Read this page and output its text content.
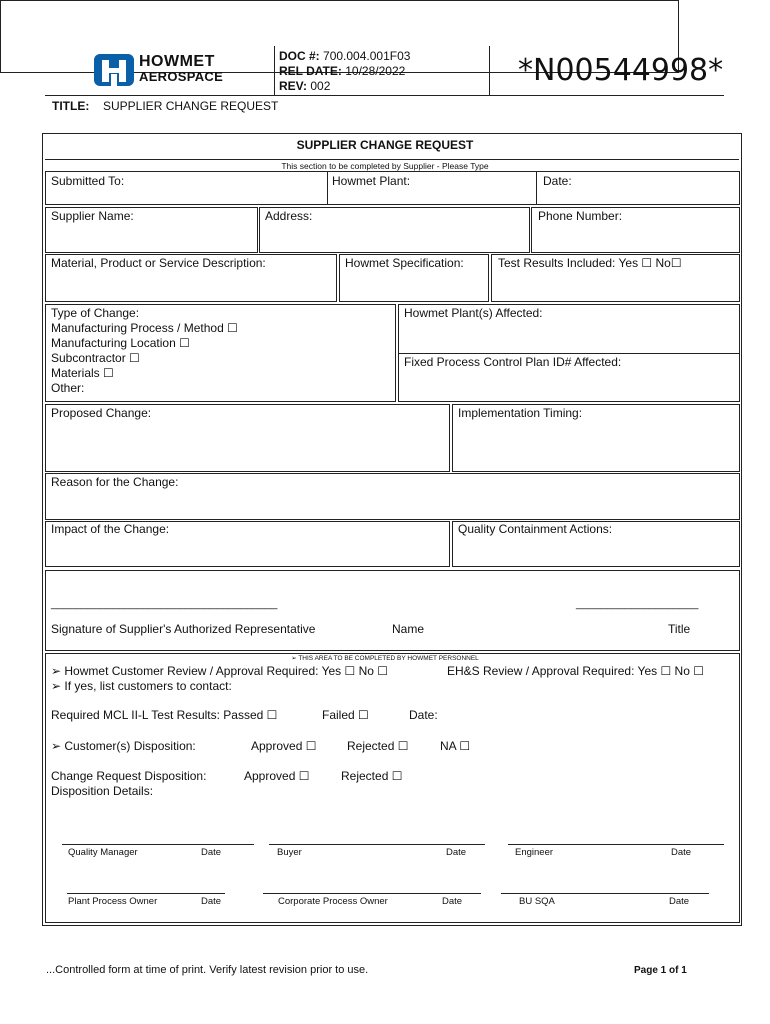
HOWMET
AEROSPACE
DOC #: 700.004.001F03
REL DATE: 10/28/2022
REV: 002	*N00544998*
TITLE: SUPPLIER CHANGE REQUEST
SUPPLIER CHANGE REQUEST
This section to be completed by Supplier - Please Type
Submitted To:	Howmet Plant:	Date:
Supplier Name:	Address:	Phone Number:
Material, Product or Service Description:	Howmet Specification:	Test Results Included: Yes ☐ No☐
Type of Change:
Manufacturing Process / Method ☐
Manufacturing Location ☐
Subcontractor ☐
Materials ☐
Other:
Howmet Plant(s) Affected:
Fixed Process Control Plan ID# Affected:
Proposed Change:	Implementation Timing:
Reason for the Change:
Impact of the Change:	Quality Containment Actions:
_____________________________________	____________________
Signature of Supplier's Authorized Representative	Name	Title
➢ THIS AREA TO BE COMPLETED BY HOWMET PERSONNEL
➢ Howmet Customer Review / Approval Required: Yes ☐ No ☐	EH&S Review / Approval Required: Yes ☐ No ☐
➢ If yes, list customers to contact:
Required MCL II-L Test Results: Passed ☐	Failed ☐	Date:
➢ Customer(s) Disposition:	Approved ☐	Rejected ☐	NA ☐
Change Request Disposition:	Approved ☐	Rejected ☐
Disposition Details:
Quality Manager	Date	Buyer	Date	Engineer	Date
Plant Process Owner	Date	Corporate Process Owner	Date	BU SQA	Date
...Controlled form at time of print. Verify latest revision prior to use.	Page 1 of 1
